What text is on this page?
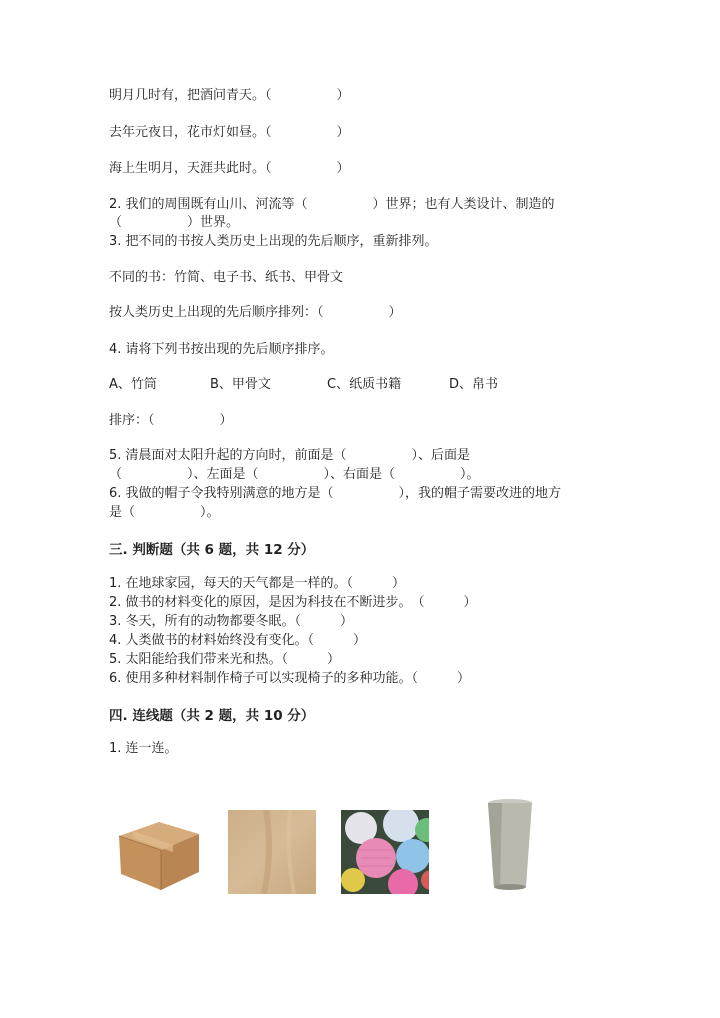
明月几时有，把酒问青天。（　　　　　）
去年元夜日，花市灯如昼。（　　　　　）
海上生明月，天涯共此时。（　　　　　）
2. 我们的周围既有山川、河流等（　　　　　）世界；也有人类设计、制造的
（　　　　　）世界。
3. 把不同的书按人类历史上出现的先后顺序，重新排列。
不同的书：竹简、电子书、纸书、甲骨文
按人类历史上出现的先后顺序排列：（　　　　　）
4. 请将下列书按出现的先后顺序排序。
A、竹筒	B、甲骨文	C、纸质书籍	D、帛书
排序：（　　　　　）
5. 清晨面对太阳升起的方向时，前面是（　　　　　）、后面是
（　　　　　）、左面是（　　　　　）、右面是（　　　　　）。
6. 我做的帽子令我特别满意的地方是（　　　　　），我的帽子需要改进的地方
是（　　　　　）。
三. 判断题（共 6 题，共 12 分）
1. 在地球家园，每天的天气都是一样的。（　　　）
2. 做书的材料变化的原因，是因为科技在不断进步。　（　　　）
3. 冬天，所有的动物都要冬眠。（　　　）
4. 人类做书的材料始终没有变化。（　　　）
5. 太阳能给我们带来光和热。（　　　）
6. 使用多种材料制作椅子可以实现椅子的多种功能。（　　　）
四. 连线题（共 2 题，共 10 分）
1. 连一连。
